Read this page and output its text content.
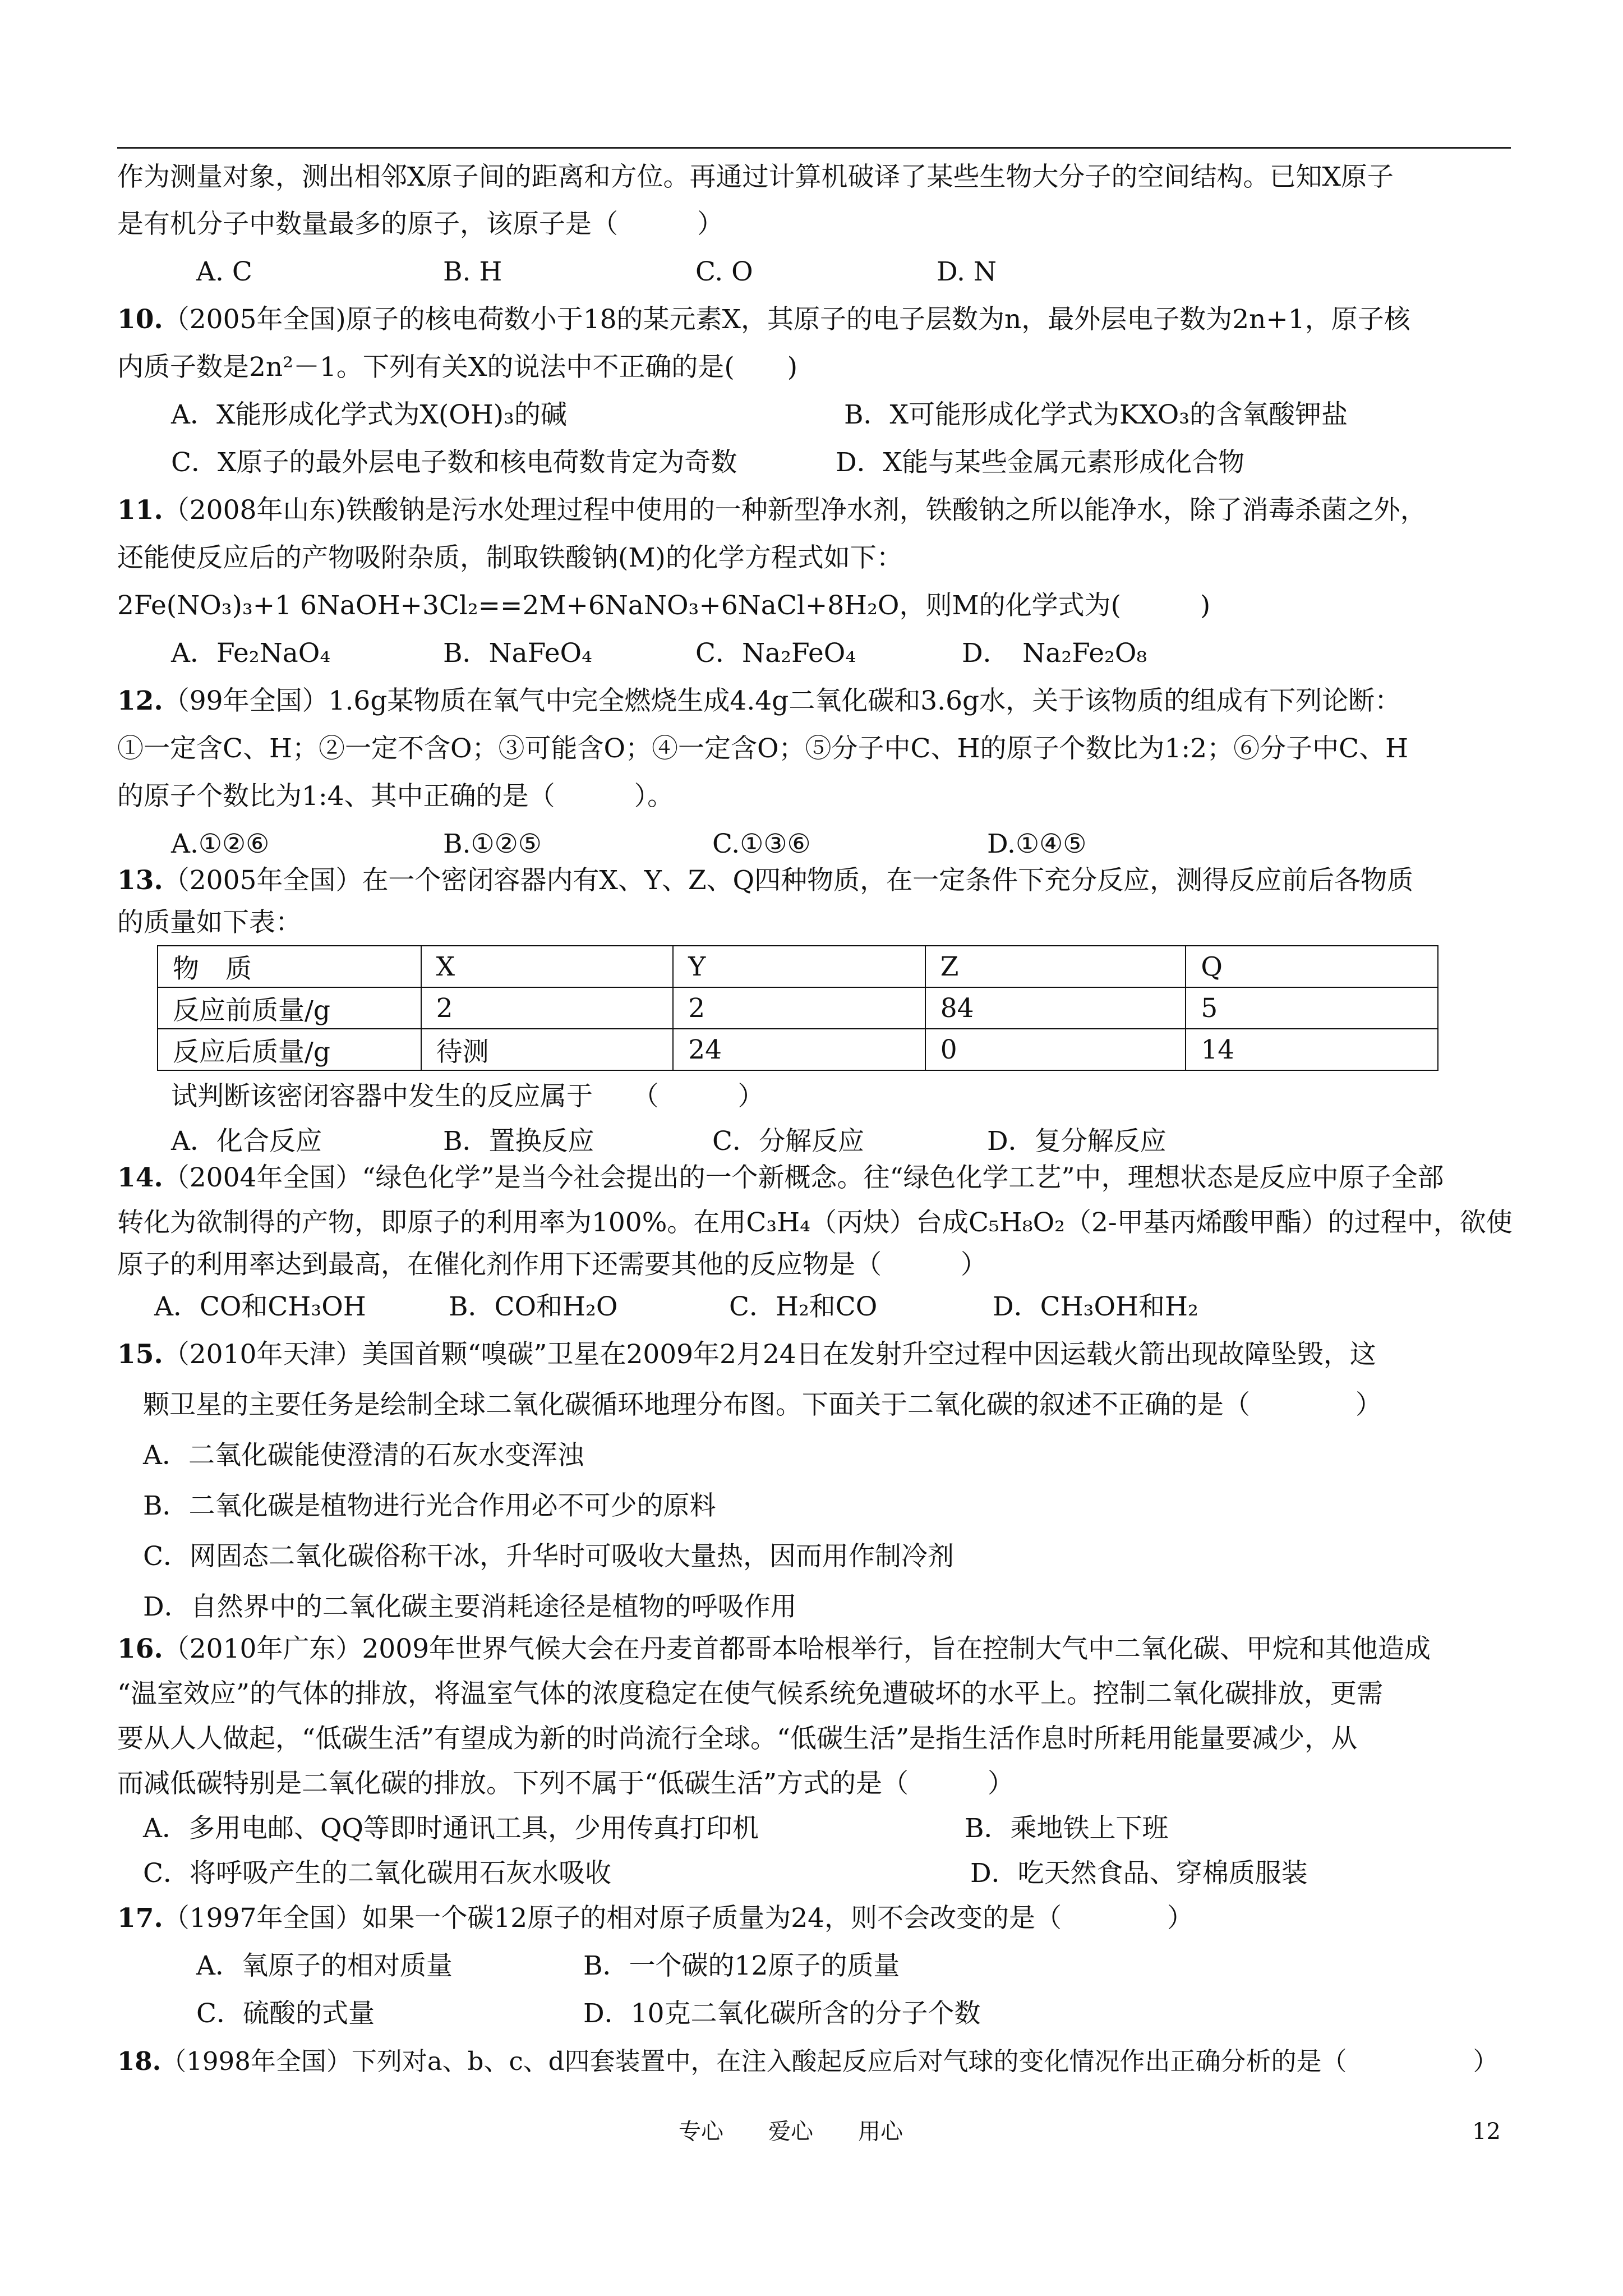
作为测量对象，测出相邻X原子间的距离和方位。再通过计算机破译了某些生物大分子的空间结构。已知X原子
是有机分子中数量最多的原子，该原子是（　　　）
A. C	B. H	C. O	D. N
10.（2005年全国)原子的核电荷数小于18的某元素X，其原子的电子层数为n，最外层电子数为2n+1，原子核
内质子数是2n²－1。下列有关X的说法中不正确的是(　　)
A．X能形成化学式为X(OH)₃的碱	B．X可能形成化学式为KXO₃的含氧酸钾盐
C．X原子的最外层电子数和核电荷数肯定为奇数	D．X能与某些金属元素形成化合物
11.（2008年山东)铁酸钠是污水处理过程中使用的一种新型净水剂，铁酸钠之所以能净水，除了消毒杀菌之外，
还能使反应后的产物吸附杂质，制取铁酸钠(M)的化学方程式如下：
2Fe(NO₃)₃+1 6NaOH+3Cl₂==2M+6NaNO₃+6NaCl+8H₂O，则M的化学式为(　　　)
A．Fe₂NaO₄	B．NaFeO₄	C．Na₂FeO₄	D．　Na₂Fe₂O₈
12.（99年全国）1.6g某物质在氧气中完全燃烧生成4.4g二氧化碳和3.6g水，关于该物质的组成有下列论断：
①一定含C、H；②一定不含O；③可能含O；④一定含O；⑤分子中C、H的原子个数比为1:2；⑥分子中C、H
的原子个数比为1:4、其中正确的是（　　　）。
A.①②⑥	B.①②⑤	C.①③⑥	D.①④⑤
13.（2005年全国）在一个密闭容器内有X、Y、Z、Q四种物质，在一定条件下充分反应，测得反应前后各物质
的质量如下表：
物　质	X	Y	Z	Q
反应前质量/g	2	2	84	5
反应后质量/g	待测	24	0	14
试判断该密闭容器中发生的反应属于　　（　　　）
A．化合反应	B．置换反应	C．分解反应	D．复分解反应
14.（2004年全国）“绿色化学”是当今社会提出的一个新概念。往“绿色化学工艺”中，理想状态是反应中原子全部
转化为欲制得的产物，即原子的利用率为100%。在用C₃H₄（丙炔）台成C₅H₈O₂（2-甲基丙烯酸甲酯）的过程中，欲使
原子的利用率达到最高，在催化剂作用下还需要其他的反应物是（　　　）
A．CO和CH₃OH	B．CO和H₂O	C．H₂和CO	D．CH₃OH和H₂
15.（2010年天津）美国首颗“嗅碳”卫星在2009年2月24日在发射升空过程中因运载火箭出现故障坠毁，这
颗卫星的主要任务是绘制全球二氧化碳循环地理分布图。下面关于二氧化碳的叙述不正确的是（　　　　）
A．二氧化碳能使澄清的石灰水变浑浊
B．二氧化碳是植物进行光合作用必不可少的原料
C．网固态二氧化碳俗称干冰，升华时可吸收大量热，因而用作制冷剂
D．自然界中的二氧化碳主要消耗途径是植物的呼吸作用
16.（2010年广东）2009年世界气候大会在丹麦首都哥本哈根举行，旨在控制大气中二氧化碳、甲烷和其他造成
“温室效应”的气体的排放，将温室气体的浓度稳定在使气候系统免遭破坏的水平上。控制二氧化碳排放，更需
要从人人做起，“低碳生活”有望成为新的时尚流行全球。“低碳生活”是指生活作息时所耗用能量要减少，从
而减低碳特别是二氧化碳的排放。下列不属于“低碳生活”方式的是（　　　）
A．多用电邮、QQ等即时通讯工具，少用传真打印机	B．乘地铁上下班
C．将呼吸产生的二氧化碳用石灰水吸收	D．吃天然食品、穿棉质服装
17.（1997年全国）如果一个碳12原子的相对原子质量为24，则不会改变的是（　　　　）
A．氧原子的相对质量	B．一个碳的12原子的质量
C．硫酸的式量	D．10克二氧化碳所含的分子个数
18.（1998年全国）下列对a、b、c、d四套装置中，在注入酸起反应后对气球的变化情况作出正确分析的是（　　　　　）
专心　　爱心　　用心	12
